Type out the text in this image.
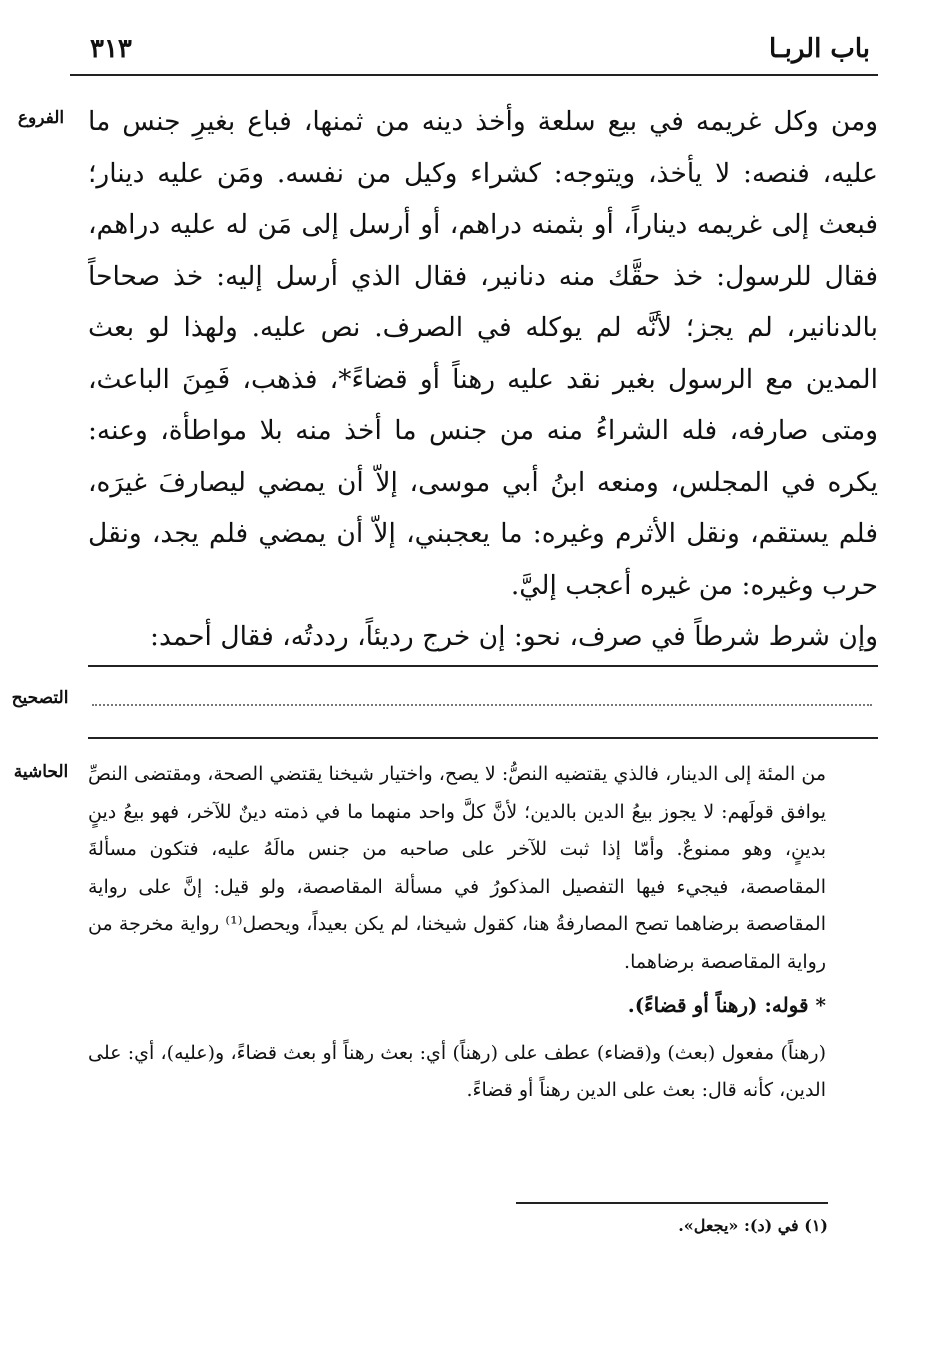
باب الربـا
٣١٣
الفروع
التصحيح
الحاشية

ومن وكل غريمه في بيع سلعة وأخذ دينه من ثمنها، فباع بغيرِ جنس ما عليه، فنصه: لا يأخذ، ويتوجه: كشراء وكيل من نفسه. ومَن عليه دينار؛ فبعث إلى غريمه ديناراً، أو بثمنه دراهم، أو أرسل إلى مَن له عليه دراهم، فقال للرسول: خذ حقَّك منه دنانير، فقال الذي أرسل إليه: خذ صحاحاً بالدنانير، لم يجز؛ لأنَّه لم يوكله في الصرف. نص عليه. ولهذا لو بعث المدين مع الرسول بغير نقد عليه رهناً أو قضاءً*، فذهب، فَمِنَ الباعث، ومتى صارفه، فله الشراءُ منه من جنس ما أخذ منه بلا مواطأة، وعنه: يكره في المجلس، ومنعه ابنُ أبي موسى، إلاّ أن يمضي ليصارفَ غيرَه، فلم يستقم، ونقل الأثرم وغيره: ما يعجبني، إلاّ أن يمضي فلم يجد، ونقل حرب وغيره: من غيره أعجب إليَّ.

وإن شرط شرطاً في صرف، نحو: إن خرج رديئاً، رددتُه، فقال أحمد:

من المئة إلى الدينار، فالذي يقتضيه النصُّ: لا يصح، واختيار شيخنا يقتضي الصحة، ومقتضى النصِّ يوافق قولَهم: لا يجوز بيعُ الدين بالدين؛ لأنَّ كلَّ واحد منهما ما في ذمته دينٌ للآخر، فهو بيعُ دينٍ بدينٍ، وهو ممنوعٌ. وأمّا إذا ثبت للآخر على صاحبه من جنس مالَهُ عليه، فتكون مسألةَ المقاصصة، فيجيء فيها التفصيل المذكورُ في مسألة المقاصصة، ولو قيل: إنَّ على رواية المقاصصة برضاهما تصح المصارفةُ هنا، كقول شيخنا، لم يكن بعيداً، ويحصل⁽¹⁾ رواية مخرجة من رواية المقاصصة برضاهما.

* قوله: (رهناً أو قضاءً).

(رهناً) مفعول (بعث) و(قضاء) عطف على (رهناً) أي: بعث رهناً أو بعث قضاءً، و(عليه)، أي: على الدين، كأنه قال: بعث على الدين رهناً أو قضاءً.

(١) في (د): «يجعل».
